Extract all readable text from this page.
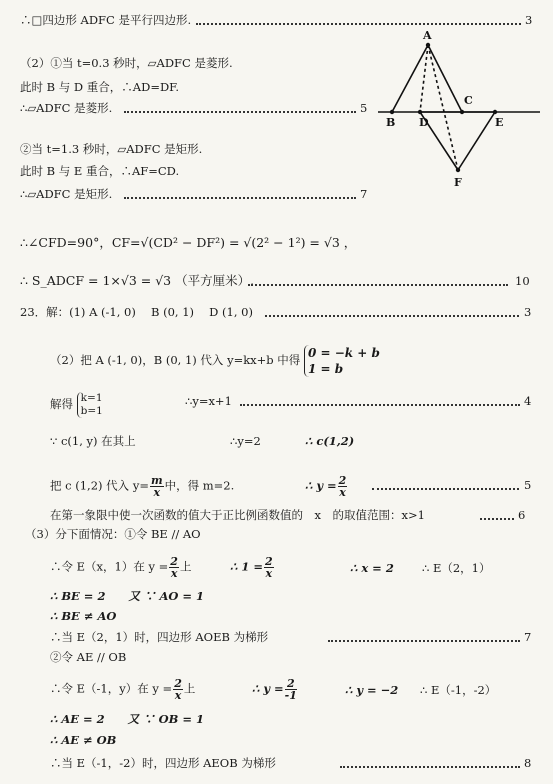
A
B D
C
E
F
∴□四边形 ADFC 是平行四边形.	3
（2）①当 t=0.3 秒时，▱ADFC 是菱形.
此时 B 与 D 重合，∴AD=DF.
∴▱ADFC 是菱形.	5
②当 t=1.3 秒时，▱ADFC 是矩形.
此时 B 与 E 重合，∴AF=CD.
∴▱ADFC 是矩形.	7
∴∠CFD=90°，CF=√(CD² − DF²) = √(2² − 1²) = √3 ，
∴ S_ADCF = 1×√3 = √3 （平方厘米）.	10
23．解：(1) A (-1, 0)　 B (0, 1)　 D (1, 0)	3
（2）把 A (-1, 0)，B (0, 1) 代入 y=kx+b 中得 0 = −k + b
1 = b
解得 k=1
b=1
∴y=x+1	4
∵ c(1, y) 在其上	∴y=2	∴ c(1,2)
把 c (1,2) 代入 $y= \frac{m}{x}$ 中，得 m=2.	∴ $y = \frac{2}{x}$	5
在第一象限中使一次函数的值大于正比例函数值的　x　的取值范围：x>1	6
（3）分下面情况：①令 BE // AO
∴令 E（x，1）在 $y = \frac{2}{x}$ 上	∴ $1 = \frac{2}{x}$	∴ x = 2 ∴ E（2，1）
∴ BE = 2　　又 ∵ AO = 1
∴ BE ≠ AO
∴当 E（2，1）时，四边形 AOEB 为梯形	7
②令 AE // OB
∴令 E（-1，y）在 $y = \frac{2}{x}$ 上	∴ $y = \frac{2}{-1}$	∴ y = −2 ∴ E（-1，-2）
∴ AE = 2　　又 ∵ OB = 1
∴ AE ≠ OB
∴当 E（-1，-2）时，四边形 AEOB 为梯形	8
